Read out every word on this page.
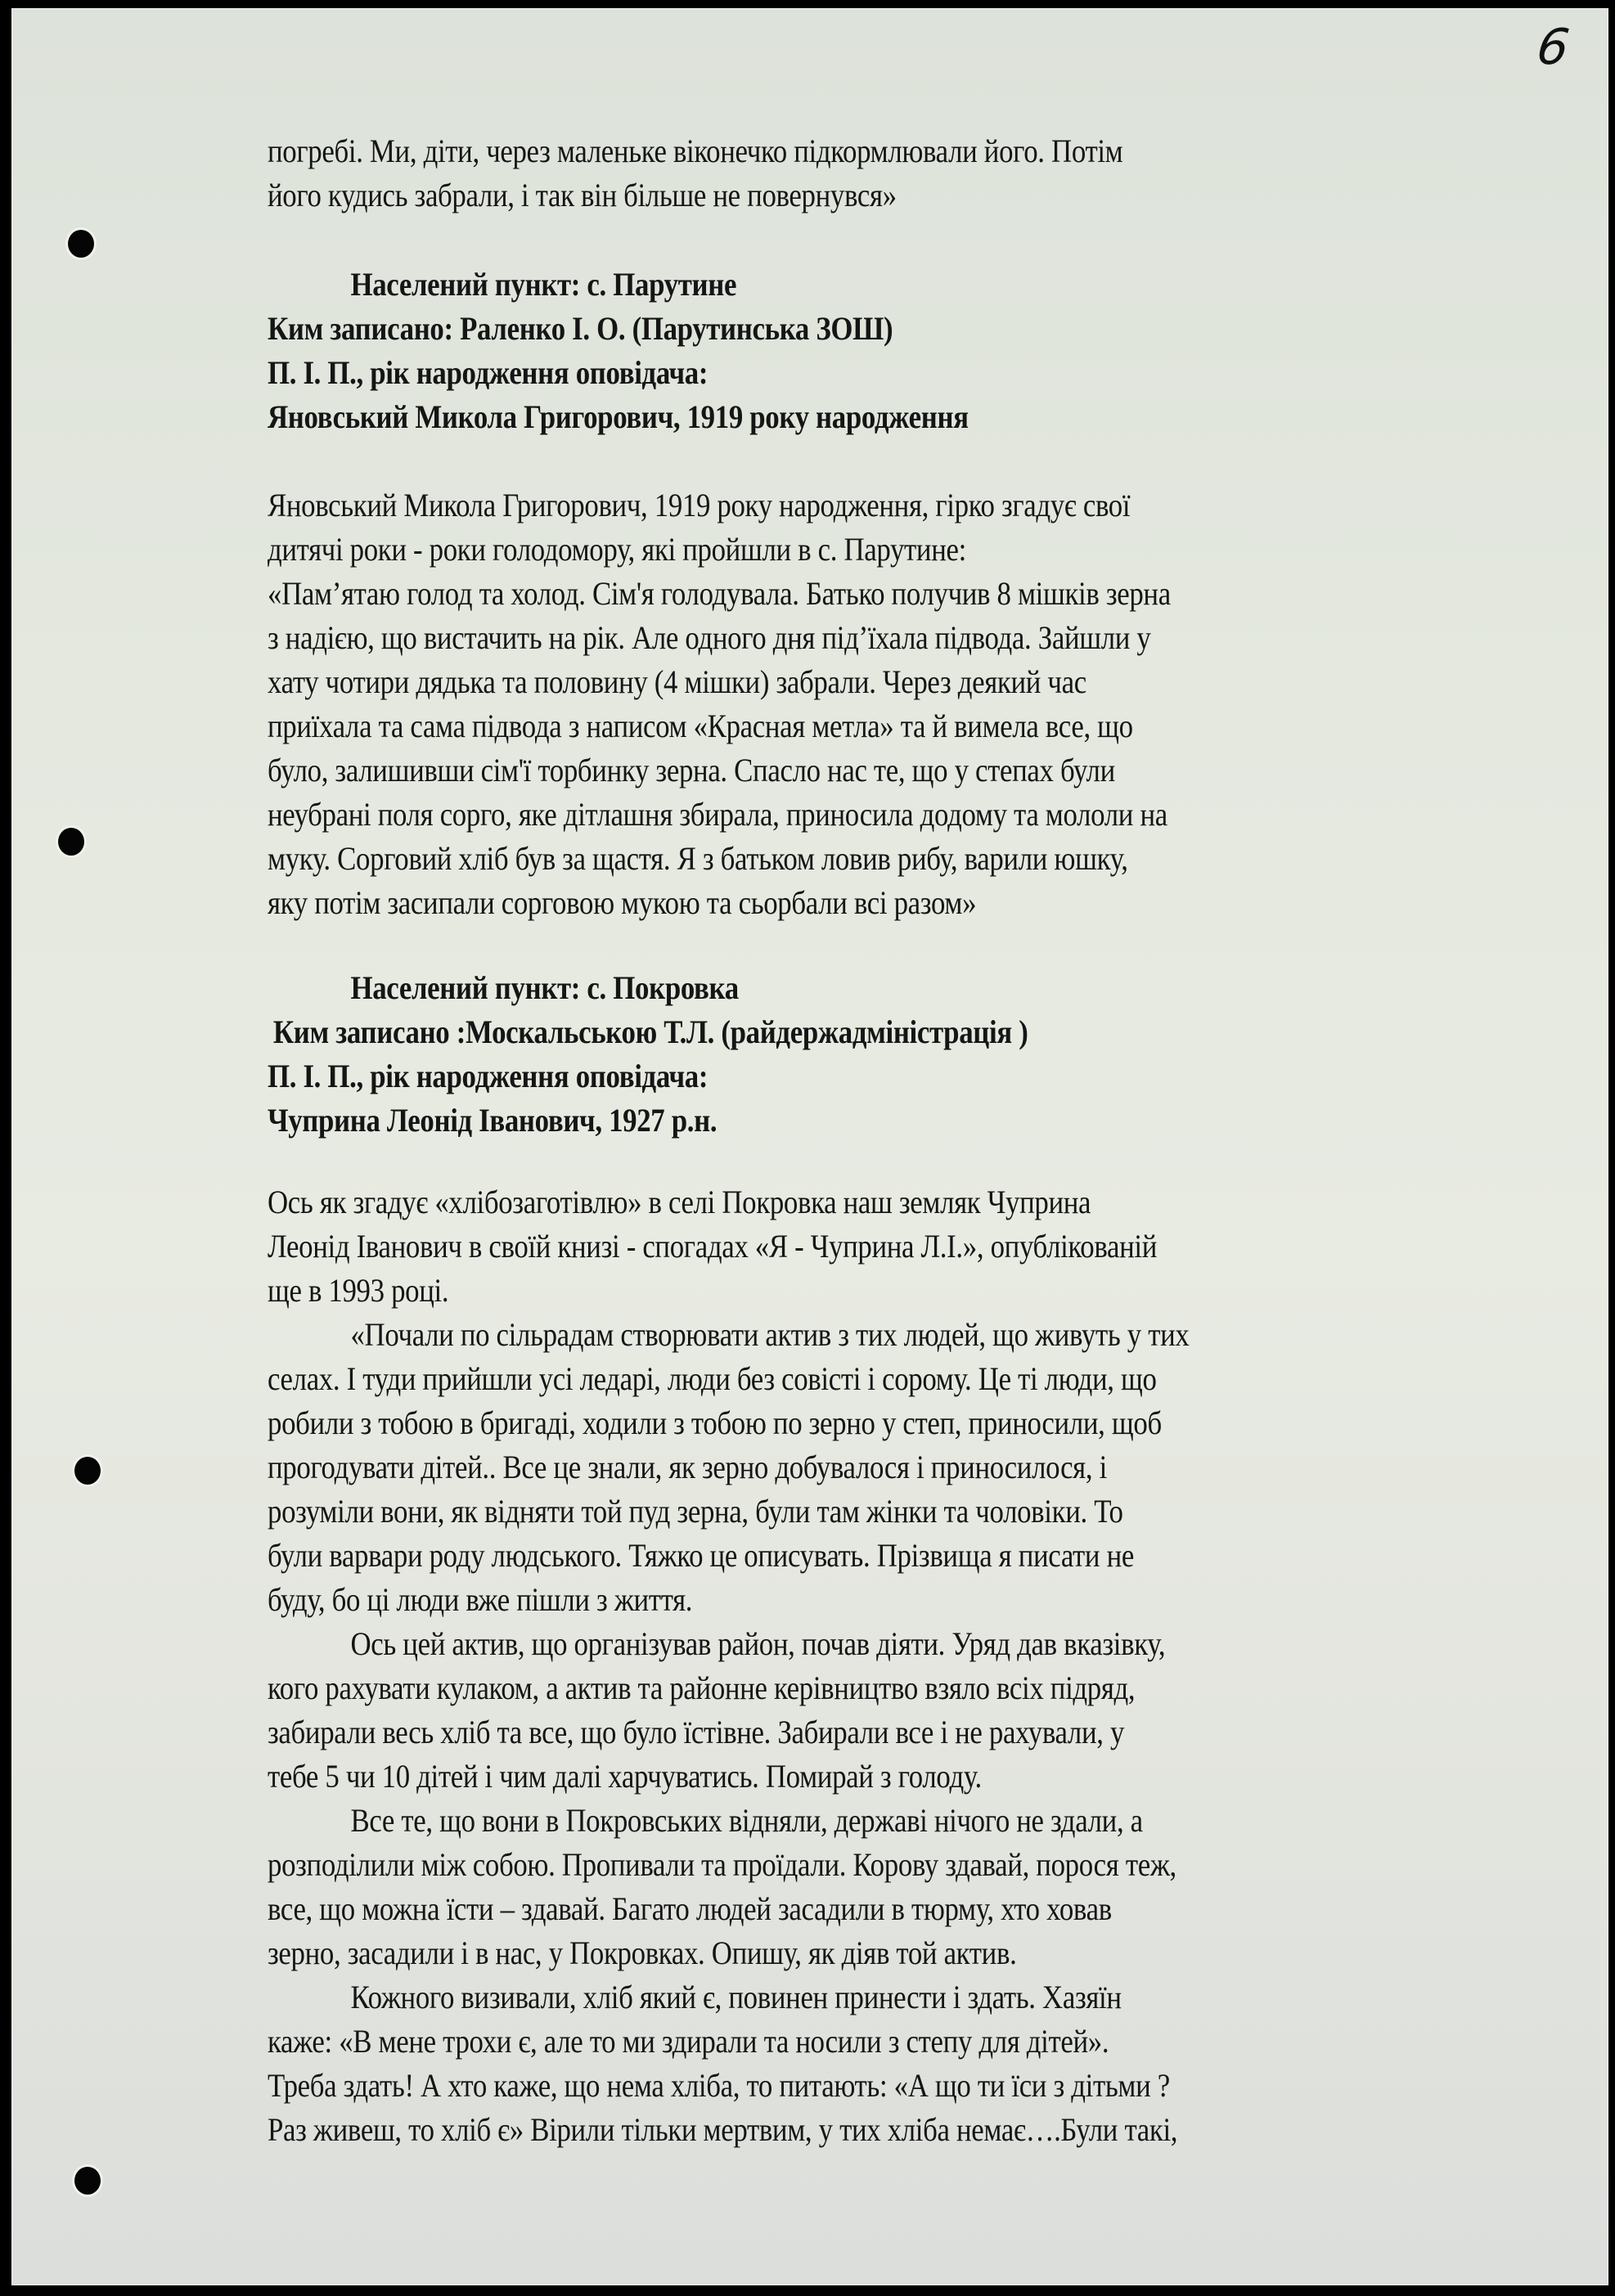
6
погребі. Ми, діти, через маленьке віконечко підкормлювали його. Потім
його кудись забрали, і так він більше не повернувся»
Населений пункт: с. Парутине
Ким записано: Раленко І. О. (Парутинська ЗОШ)
П. І. П., рік народження оповідача:
Яновський Микола Григорович, 1919 року народження
Яновський Микола Григорович, 1919 року народження, гірко згадує свої
дитячі роки - роки голодомору, які пройшли в с. Парутине:
«Пам’ятаю голод та холод. Сім'я голодувала. Батько получив 8 мішків зерна
з надією, що вистачить на рік. Але одного дня під’їхала підвода. Зайшли у
хату чотири дядька та половину (4 мішки) забрали. Через деякий час
приїхала та сама підвода з написом «Красная метла» та й вимела все, що
було, залишивши сім'ї торбинку зерна. Спасло нас те, що у степах були
неубрані поля сорго, яке дітлашня збирала, приносила додому та мололи на
муку. Сорговий хліб був за щастя. Я з батьком ловив рибу, варили юшку,
яку потім засипали сорговою мукою та сьорбали всі разом»
Населений пункт: с. Покровка
Ким записано :Москальською Т.Л. (райдержадміністрація )
П. І. П., рік народження оповідача:
Чуприна Леонід Іванович, 1927 р.н.
Ось як згадує «хлібозаготівлю» в селі Покровка наш земляк Чуприна
Леонід Іванович в своїй книзі - спогадах «Я - Чуприна Л.І.», опублікованій
ще в 1993 році.
«Почали по сільрадам створювати актив з тих людей, що живуть у тих
селах. І туди прийшли усі ледарі, люди без совісті і сорому. Це ті люди, що
робили з тобою в бригаді, ходили з тобою по зерно у степ, приносили, щоб
прогодувати дітей.. Все це знали, як зерно добувалося і приносилося, і
розуміли вони, як відняти той пуд зерна, були там жінки та чоловіки. То
були варвари роду людського. Тяжко це описувать. Прізвища я писати не
буду, бо ці люди вже пішли з життя.
Ось цей актив, що організував район, почав діяти. Уряд дав вказівку,
кого рахувати кулаком, а актив та районне керівництво взяло всіх підряд,
забирали весь хліб та все, що було їстівне. Забирали все і не рахували, у
тебе 5 чи 10 дітей і чим далі харчуватись. Помирай з голоду.
Все те, що вони в Покровських відняли, державі нічого не здали, а
розподілили між собою. Пропивали та проїдали. Корову здавай, порося теж,
все, що можна їсти – здавай. Багато людей засадили в тюрму, хто ховав
зерно, засадили і в нас, у Покровках. Опишу, як діяв той актив.
Кожного визивали, хліб який є, повинен принести і здать. Хазяїн
каже: «В мене трохи є, але то ми здирали та носили з степу для дітей».
Треба здать! А хто каже, що нема хліба, то питають: «А що ти їси з дітьми ?
Раз живеш, то хліб є» Вірили тільки мертвим, у тих хліба немає….Були такі,
